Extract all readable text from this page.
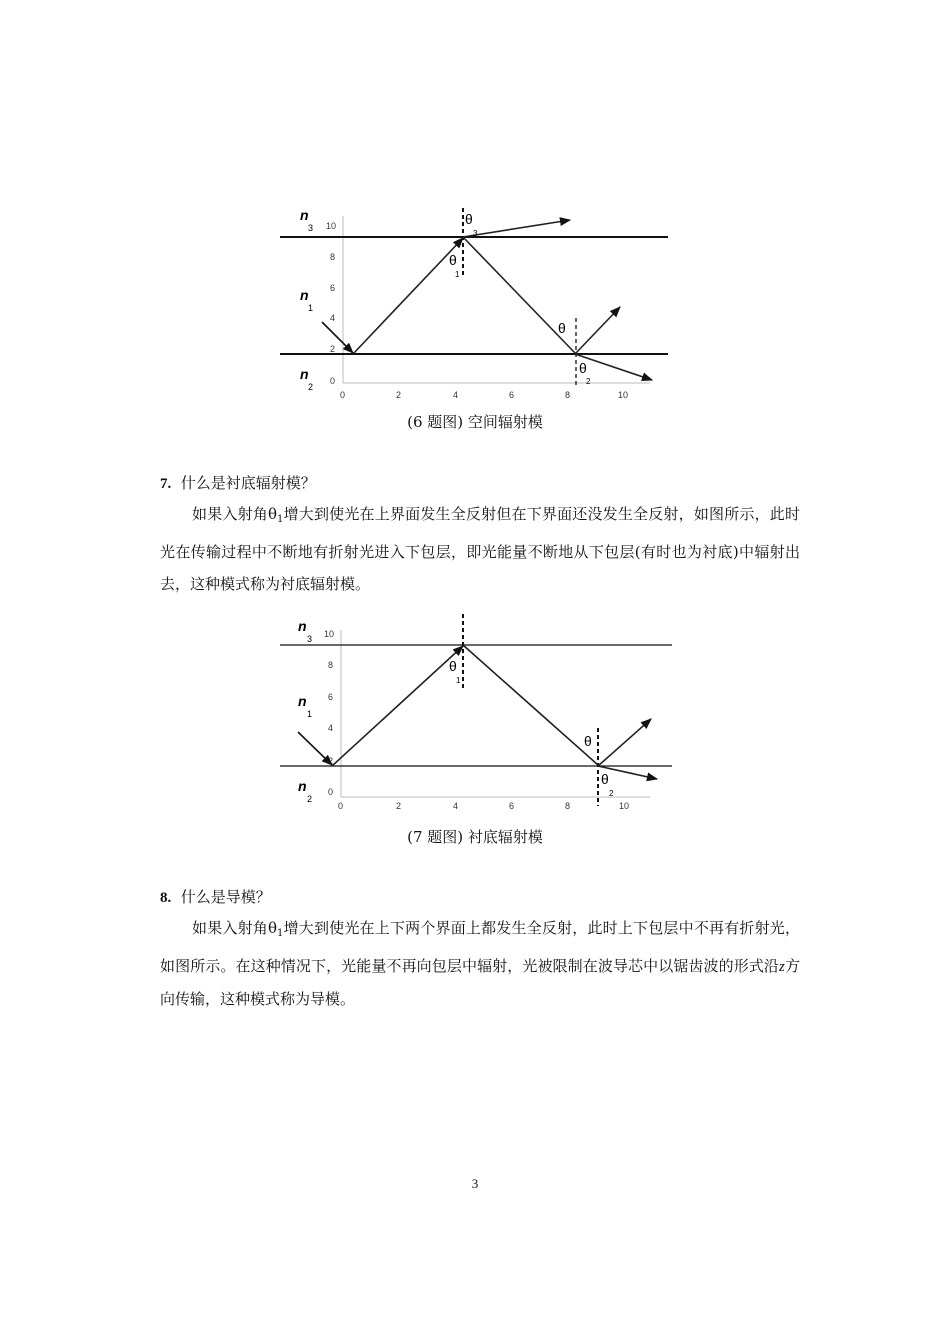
10
8
6
4
2
0
0	2	4	6	8	10
n
3
n
1
n
2
θ
3
θ
1
θ
θ
2
(6 题图) 空间辐射模
7. 什么是衬底辐射模？
如果入射角$\theta_1$增大到使光在上界面发生全反射但在下界面还没发生全反射，如图所示，此时光在传输过程中不断地有折射光进入下包层，即光能量不断地从下包层(有时也为衬底)中辐射出去，这种模式称为衬底辐射模。
10
8
6
4
2
0
0	2	4	6	8	10
n
3
n
1
n
2
θ
1
θ
θ
2
(7 题图) 衬底辐射模
8. 什么是导模？
如果入射角$\theta_1$增大到使光在上下两个界面上都发生全反射，此时上下包层中不再有折射光，如图所示。在这种情况下，光能量不再向包层中辐射，光被限制在波导芯中以锯齿波的形式沿z方向传输，这种模式称为导模。
3
